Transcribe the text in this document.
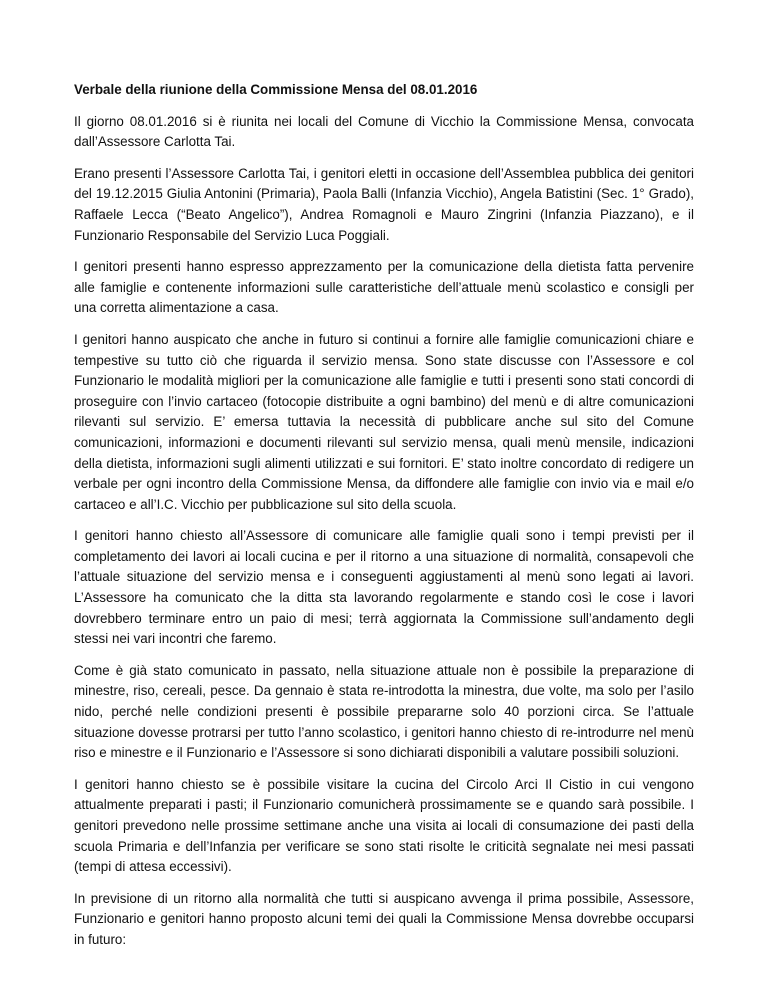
Verbale della riunione della Commissione Mensa del 08.01.2016

Il giorno 08.01.2016 si è riunita nei locali del Comune di Vicchio la Commissione Mensa, convocata dall’Assessore Carlotta Tai.

Erano presenti l’Assessore Carlotta Tai, i genitori eletti in occasione dell’Assemblea pubblica dei genitori del 19.12.2015 Giulia Antonini (Primaria), Paola Balli (Infanzia Vicchio), Angela Batistini (Sec. 1° Grado), Raffaele Lecca (“Beato Angelico”), Andrea Romagnoli e Mauro Zingrini (Infanzia Piazzano), e il Funzionario Responsabile del Servizio Luca Poggiali.

I genitori presenti hanno espresso apprezzamento per la comunicazione della dietista fatta pervenire alle famiglie e contenente informazioni sulle caratteristiche dell’attuale menù scolastico e consigli per una corretta alimentazione a casa.

I genitori hanno auspicato che anche in futuro si continui a fornire alle famiglie comunicazioni chiare e tempestive su tutto ciò che riguarda il servizio mensa. Sono state discusse con l’Assessore e col Funzionario le modalità migliori per la comunicazione alle famiglie e tutti i presenti sono stati concordi di proseguire con l’invio cartaceo (fotocopie distribuite a ogni bambino) del menù e di altre comunicazioni rilevanti sul servizio. E’ emersa tuttavia la necessità di pubblicare anche sul sito del Comune comunicazioni, informazioni e documenti rilevanti sul servizio mensa, quali menù mensile, indicazioni della dietista, informazioni sugli alimenti utilizzati e sui fornitori. E’ stato inoltre concordato di redigere un verbale per ogni incontro della Commissione Mensa, da diffondere alle famiglie con invio via e mail e/o cartaceo e all’I.C. Vicchio per pubblicazione sul sito della scuola.

I genitori hanno chiesto all’Assessore di comunicare alle famiglie quali sono i tempi previsti per il completamento dei lavori ai locali cucina e per il ritorno a una situazione di normalità, consapevoli che l’attuale situazione del servizio mensa e i conseguenti aggiustamenti al menù sono legati ai lavori. L’Assessore ha comunicato che la ditta sta lavorando regolarmente e stando così le cose i lavori dovrebbero terminare entro un paio di mesi; terrà aggiornata la Commissione sull’andamento degli stessi nei vari incontri che faremo.

Come è già stato comunicato in passato, nella situazione attuale non è possibile la preparazione di minestre, riso, cereali, pesce. Da gennaio è stata re-introdotta la minestra, due volte, ma solo per l’asilo nido, perché nelle condizioni presenti è possibile prepararne solo 40 porzioni circa. Se l’attuale situazione dovesse protrarsi per tutto l’anno scolastico, i genitori hanno chiesto di re-introdurre nel menù riso e minestre e il Funzionario e l’Assessore si sono dichiarati disponibili a valutare possibili soluzioni.

I genitori hanno chiesto se è possibile visitare la cucina del Circolo Arci Il Cistio in cui vengono attualmente preparati i pasti; il Funzionario comunicherà prossimamente se e quando sarà possibile. I genitori prevedono nelle prossime settimane anche una visita ai locali di consumazione dei pasti della scuola Primaria e dell’Infanzia per verificare se sono stati risolte le criticità segnalate nei mesi passati (tempi di attesa eccessivi).

In previsione di un ritorno alla normalità che tutti si auspicano avvenga il prima possibile, Assessore, Funzionario e genitori hanno proposto alcuni temi dei quali la Commissione Mensa dovrebbe occuparsi in futuro:
